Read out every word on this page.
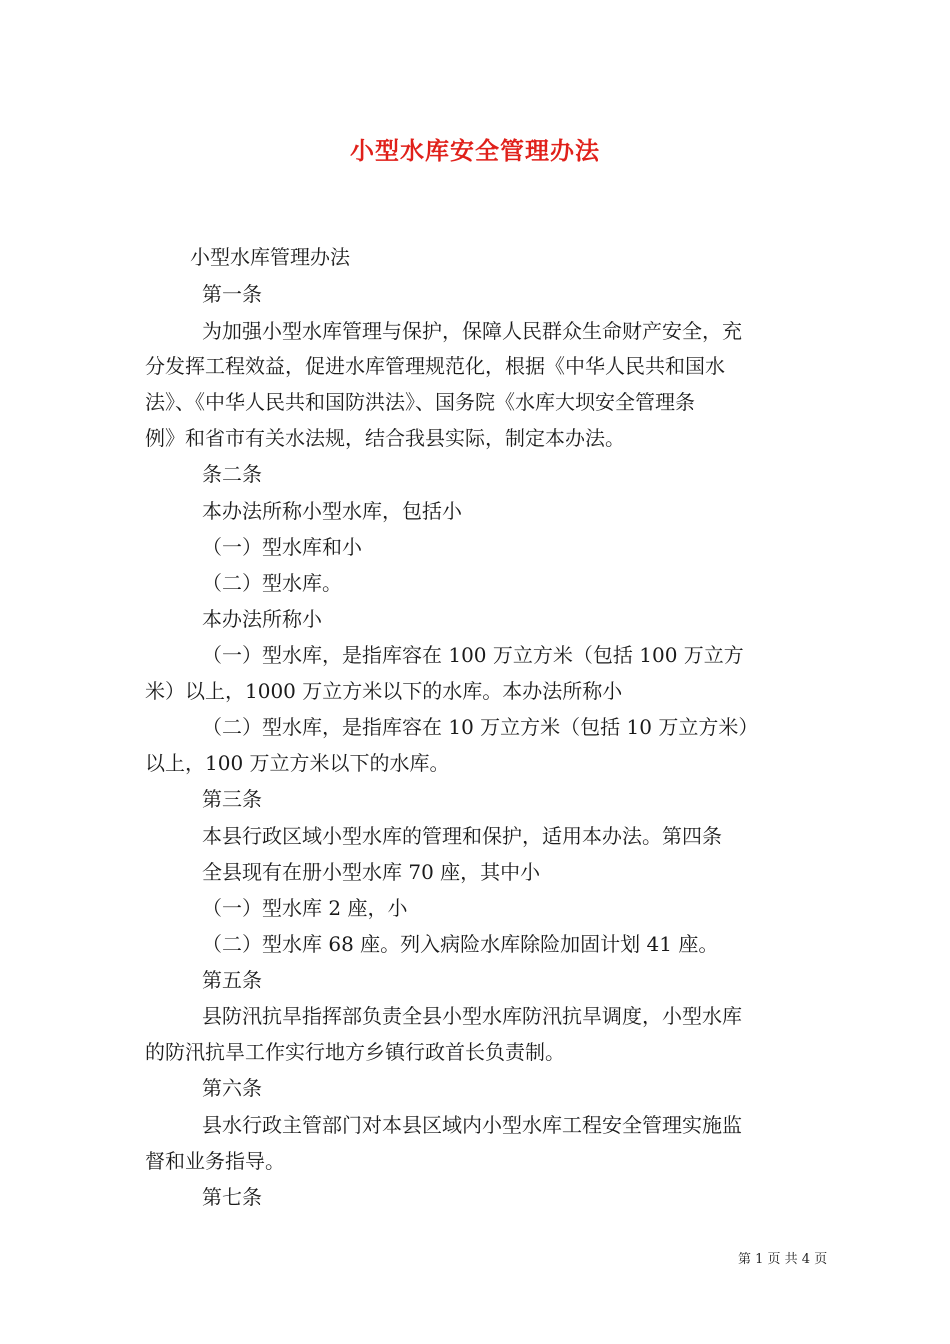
小型水库安全管理办法
小型水库管理办法
第一条
为加强小型水库管理与保护，保障人民群众生命财产安全，充
分发挥工程效益，促进水库管理规范化，根据《中华人民共和国水
法》、《中华人民共和国防洪法》、国务院《水库大坝安全管理条
例》和省市有关水法规，结合我县实际，制定本办法。
条二条
本办法所称小型水库，包括小
（一）型水库和小
（二）型水库。
本办法所称小
（一）型水库，是指库容在 100 万立方米（包括 100 万立方
米）以上，1000 万立方米以下的水库。本办法所称小
（二）型水库，是指库容在 10 万立方米（包括 10 万立方米）
以上，100 万立方米以下的水库。
第三条
本县行政区域小型水库的管理和保护，适用本办法。第四条
全县现有在册小型水库 70 座，其中小
（一）型水库 2 座，小
（二）型水库 68 座。列入病险水库除险加固计划 41 座。
第五条
县防汛抗旱指挥部负责全县小型水库防汛抗旱调度，小型水库
的防汛抗旱工作实行地方乡镇行政首长负责制。
第六条
县水行政主管部门对本县区域内小型水库工程安全管理实施监
督和业务指导。
第七条
第 1 页 共 4 页
